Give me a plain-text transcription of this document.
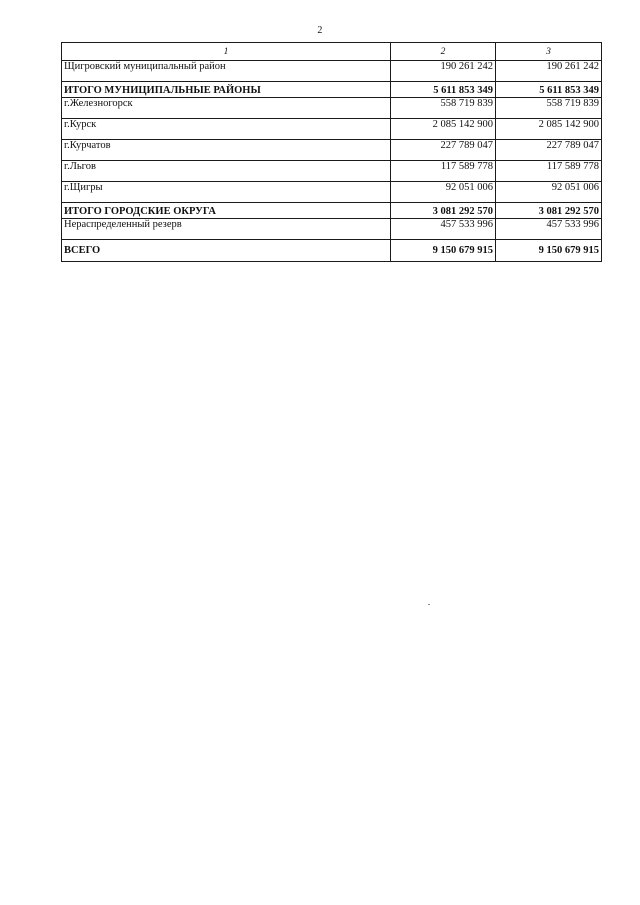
2
1	2	3
Щигровский муниципальный район	190 261 242	190 261 242
ИТОГО МУНИЦИПАЛЬНЫЕ РАЙОНЫ	5 611 853 349	5 611 853 349
г.Железногорск	558 719 839	558 719 839
г.Курск	2 085 142 900	2 085 142 900
г.Курчатов	227 789 047	227 789 047
г.Льгов	117 589 778	117 589 778
г.Щигры	92 051 006	92 051 006
ИТОГО ГОРОДСКИЕ ОКРУГА	3 081 292 570	3 081 292 570
Нераспределенный резерв	457 533 996	457 533 996
ВСЕГО	9 150 679 915	9 150 679 915
